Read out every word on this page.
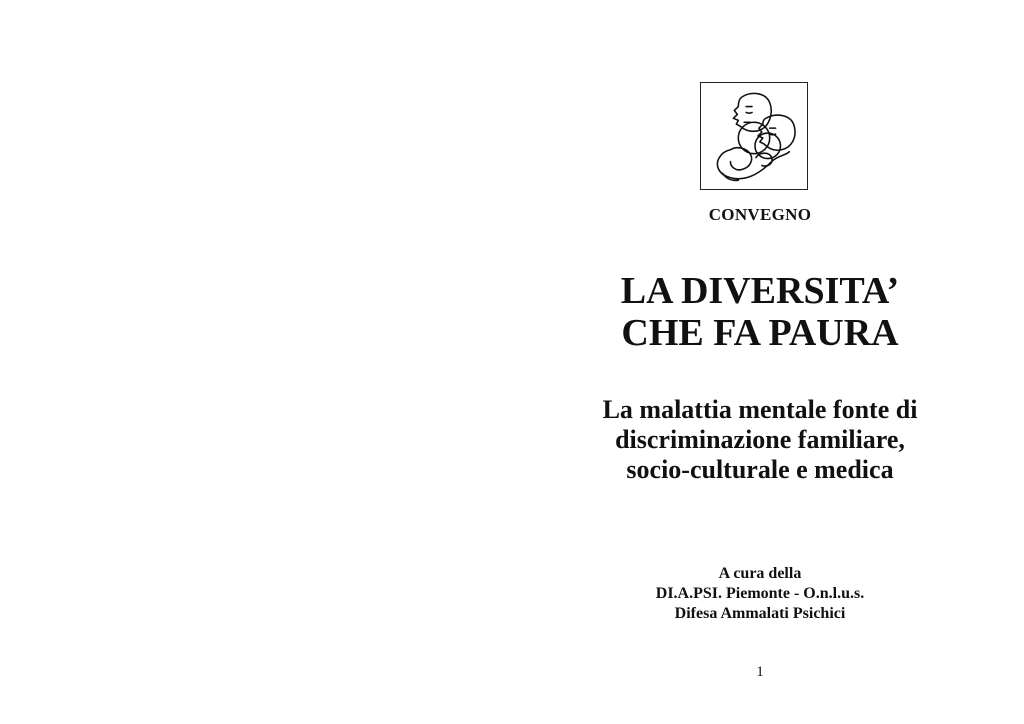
CONVEGNO
LA DIVERSITA’
CHE FA PAURA
La malattia mentale fonte di
discriminazione familiare,
socio-culturale e medica
A cura della
DI.A.PSI. Piemonte - O.n.l.u.s.
Difesa Ammalati Psichici
1
